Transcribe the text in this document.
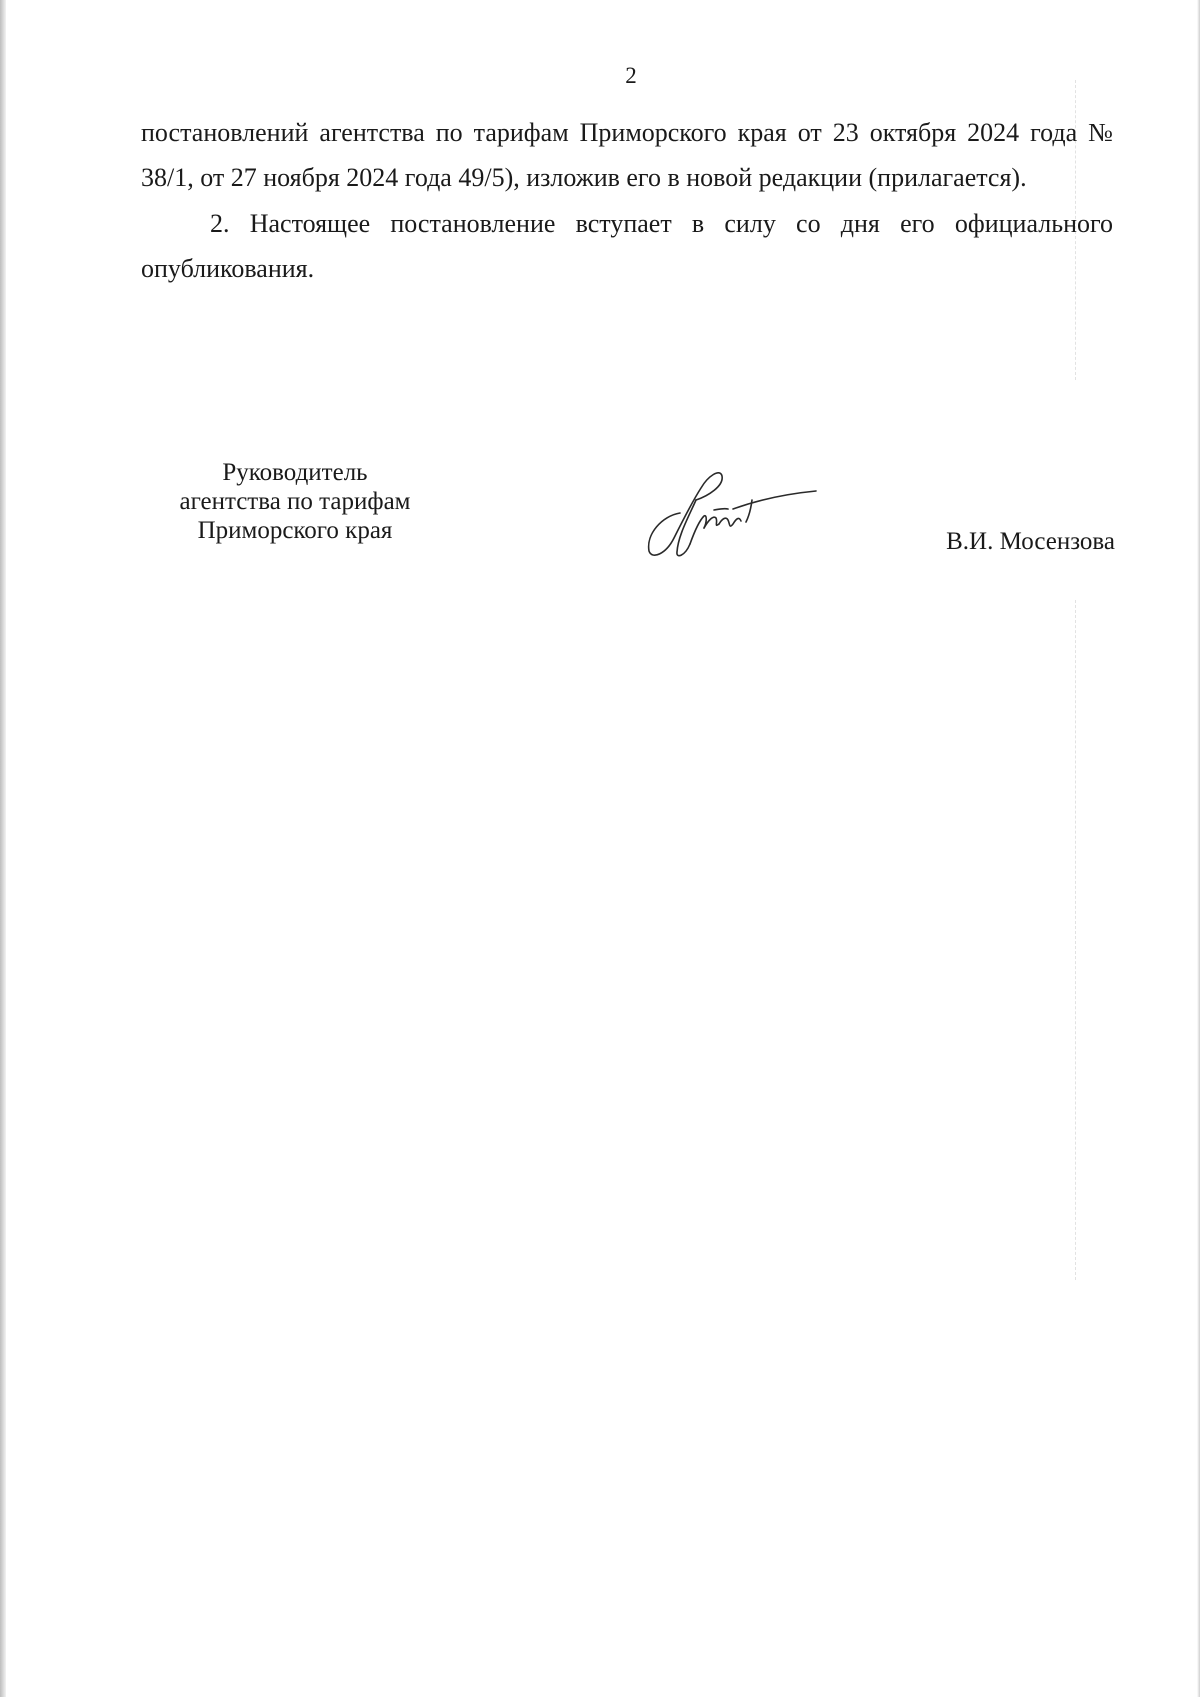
2

постановлений агентства по тарифам Приморского края от 23 октября 2024 года № 38/1, от 27 ноября 2024 года 49/5), изложив его в новой редакции (прилагается).

2. Настоящее постановление вступает в силу со дня его официального опубликования.

Руководитель
агентства по тарифам
Приморского края	В.И. Мосензова
